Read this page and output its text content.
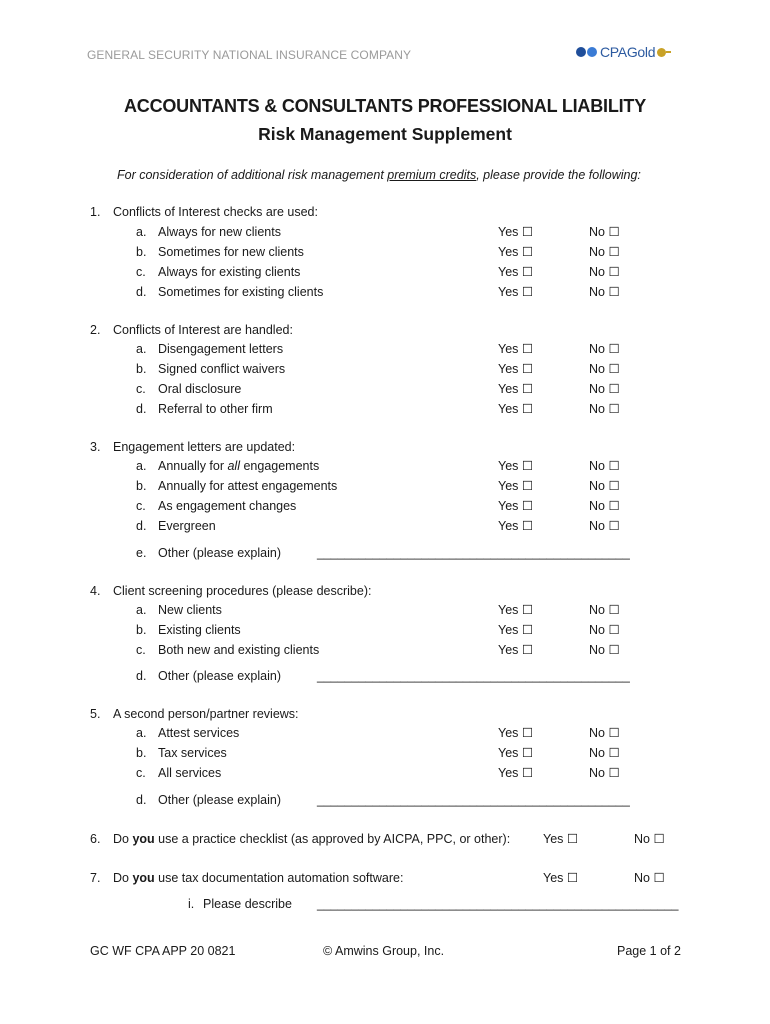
GENERAL SECURITY NATIONAL INSURANCE COMPANY	CPAGold
ACCOUNTANTS & CONSULTANTS PROFESSIONAL LIABILITY
Risk Management Supplement
For consideration of additional risk management premium credits, please provide the following:
1. Conflicts of Interest checks are used:
a. Always for new clients	Yes ☐	No ☐
b. Sometimes for new clients	Yes ☐	No ☐
c. Always for existing clients	Yes ☐	No ☐
d. Sometimes for existing clients	Yes ☐	No ☐
2. Conflicts of Interest are handled:
a. Disengagement letters	Yes ☐	No ☐
b. Signed conflict waivers	Yes ☐	No ☐
c. Oral disclosure	Yes ☐	No ☐
d. Referral to other firm	Yes ☐	No ☐
3. Engagement letters are updated:
a. Annually for all engagements	Yes ☐	No ☐
b. Annually for attest engagements	Yes ☐	No ☐
c. As engagement changes	Yes ☐	No ☐
d. Evergreen	Yes ☐	No ☐
e. Other (please explain)	_____________________________________________
4. Client screening procedures (please describe):
a. New clients	Yes ☐	No ☐
b. Existing clients	Yes ☐	No ☐
c. Both new and existing clients	Yes ☐	No ☐
d. Other (please explain)	_____________________________________________
5. A second person/partner reviews:
a. Attest services	Yes ☐	No ☐
b. Tax services	Yes ☐	No ☐
c. All services	Yes ☐	No ☐
d. Other (please explain)	_____________________________________________
6. Do you use a practice checklist (as approved by AICPA, PPC, or other):	Yes ☐	No ☐
7. Do you use tax documentation automation software:	Yes ☐	No ☐
i. Please describe ____________________________________________________
GC WF CPA APP 20 0821	© Amwins Group, Inc.	Page 1 of 2
